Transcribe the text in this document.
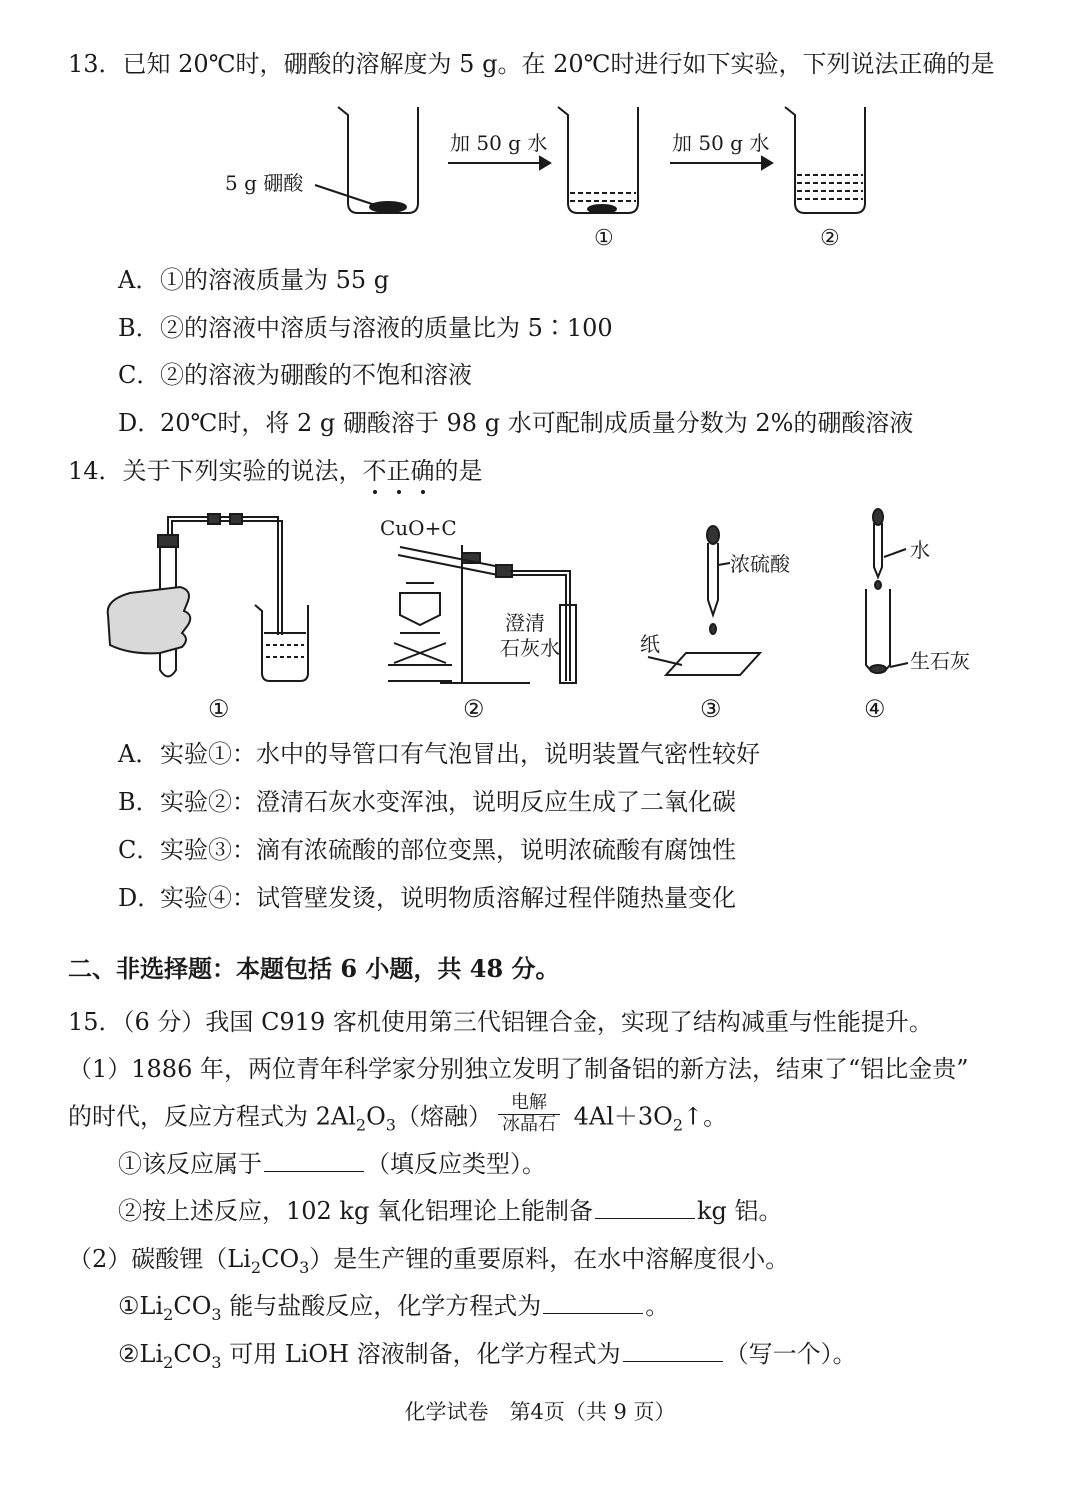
13．已知 20℃时，硼酸的溶解度为 5 g。在 20℃时进行如下实验，下列说法正确的是
5 g 硼酸
加 50 g 水
①
加 50 g 水
②
A．①的溶液质量为 55 g
B．②的溶液中溶质与溶液的质量比为 5∶100
C．②的溶液为硼酸的不饱和溶液
D．20℃时，将 2 g 硼酸溶于 98 g 水可配制成质量分数为 2%的硼酸溶液
14．关于下列实验的说法，不正确的是
①
CuO+C
澄清
石灰水
②
浓硫酸
纸
③
水
生石灰
④
A．实验①：水中的导管口有气泡冒出，说明装置气密性较好
B．实验②：澄清石灰水变浑浊，说明反应生成了二氧化碳
C．实验③：滴有浓硫酸的部位变黑，说明浓硫酸有腐蚀性
D．实验④：试管壁发烫，说明物质溶解过程伴随热量变化
二、非选择题：本题包括 6 小题，共 48 分。
15．（6 分）我国 C919 客机使用第三代铝锂合金，实现了结构减重与性能提升。
（1）1886 年，两位青年科学家分别独立发明了制备铝的新方法，结束了“铝比金贵”
的时代，反应方程式为 $2Al_2O_3$（熔融） $\frac{\text{电解}}{\text{冰晶石}}$ $4Al+3O_2↑$。
①该反应属于	（填反应类型）。
②按上述反应，102 kg 氧化铝理论上能制备	kg 铝。
（2）碳酸锂$(Li_2CO_3)$是生产锂的重要原料，在水中溶解度很小。
$①Li_2CO_3$ 能与盐酸反应，化学方程式为	。
$②Li_2CO_3$ 可用 LiOH 溶液制备，化学方程式为	（写一个）。
化学试卷　第4页（共 9 页）
